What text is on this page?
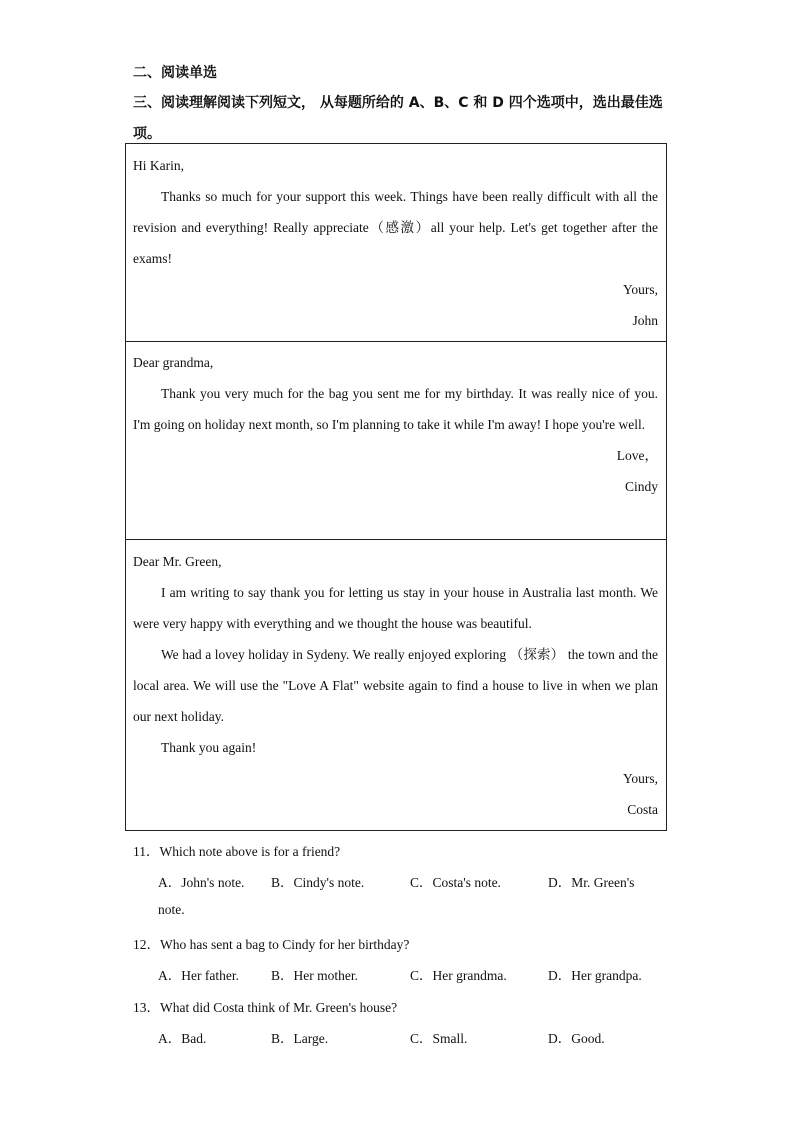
二、阅读单选
三、阅读理解阅读下列短文， 从每题所给的 A、B、C 和 D 四个选项中，选出最佳选项。
Hi Karin,

Thanks so much for your support this week. Things have been really difficult with all the revision and everything! Really appreciate（感激）all your help. Let's get together after the exams!

Yours,
John
Dear grandma,

Thank you very much for the bag you sent me for my birthday. It was really nice of you. I'm going on holiday next month, so I'm planning to take it while I'm away! I hope you're well.

Love，
Cindy
Dear Mr. Green,

I am writing to say thank you for letting us stay in your house in Australia last month. We were very happy with everything and we thought the house was beautiful.

We had a lovey holiday in Sydeny. We really enjoyed exploring （探索） the town and the local area. We will use the "Love A Flat" website again to find a house to live in when we plan our next holiday.

Thank you again!

Yours,
Costa
11．Which note above is for a friend?
A．John's note. B．Cindy's note.	C．Costa's note.	D．Mr. Green's
note.
12．Who has sent a bag to Cindy for her birthday?
A．Her father. B．Her mother.	C．Her grandma.	D．Her grandpa.
13．What did Costa think of Mr. Green's house?
A．Bad.	B．Large.	C．Small.	D．Good.
